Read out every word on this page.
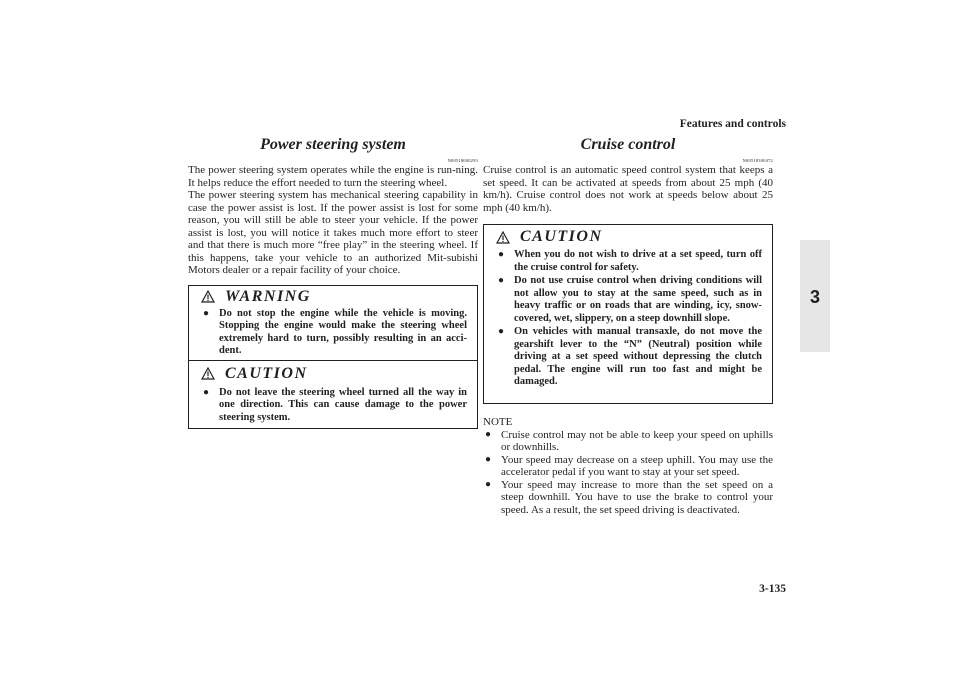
Features and controls
3-135
3
Power steering system
N00518000293

The power steering system operates while the engine is run-ning. It helps reduce the effort needed to turn the steering wheel.

The power steering system has mechanical steering capability in case the power assist is lost. If the power assist is lost for some reason, you will still be able to steer your vehicle. If the power assist is lost, you will notice it takes much more effort to steer and that there is much more “free play” in the steering wheel. If this happens, take your vehicle to an authorized Mit-subishi Motors dealer or a repair facility of your choice.

WARNING
● Do not stop the engine while the vehicle is moving. Stopping the engine would make the steering wheel extremely hard to turn, possibly resulting in an acci-dent.
CAUTION
● Do not leave the steering wheel turned all the way in one direction. This can cause damage to the power steering system.
Cruise control
N00518300472

Cruise control is an automatic speed control system that keeps a set speed. It can be activated at speeds from about 25 mph (40 km/h). Cruise control does not work at speeds below about 25 mph (40 km/h).

CAUTION
● When you do not wish to drive at a set speed, turn off the cruise control for safety.
● Do not use cruise control when driving conditions will not allow you to stay at the same speed, such as in heavy traffic or on roads that are winding, icy, snow-covered, wet, slippery, on a steep downhill slope.
● On vehicles with manual transaxle, do not move the gearshift lever to the “N” (Neutral) position while driving at a set speed without depressing the clutch pedal. The engine will run too fast and might be damaged.
NOTE
● Cruise control may not be able to keep your speed on uphills or downhills.
● Your speed may decrease on a steep uphill. You may use the accelerator pedal if you want to stay at your set speed.
● Your speed may increase to more than the set speed on a steep downhill. You have to use the brake to control your speed. As a result, the set speed driving is deactivated.
